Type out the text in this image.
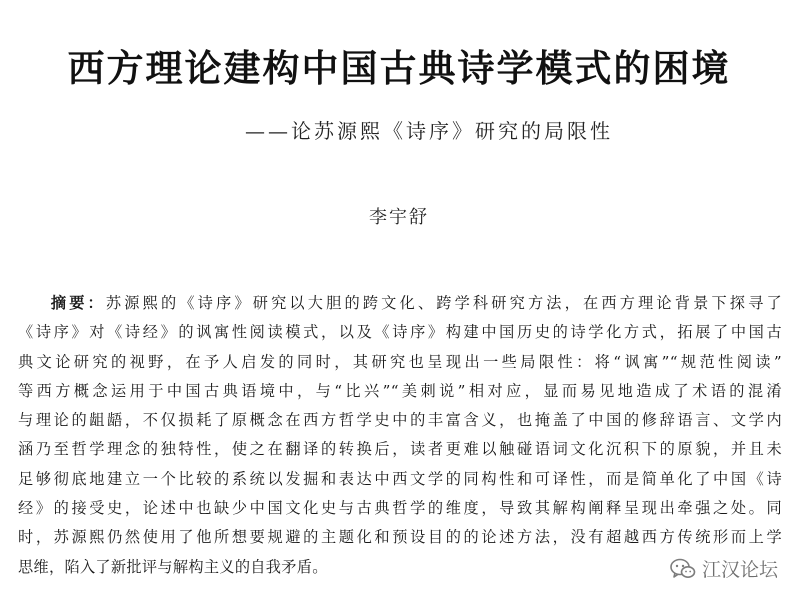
西方理论建构中国古典诗学模式的困境
——论苏源熙《诗序》研究的局限性
李宇舒
摘要：苏源熙的《诗序》研究以大胆的跨文化、跨学科研究方法，在西方理论背景下探寻了
《诗序》对《诗经》的讽寓性阅读模式，以及《诗序》构建中国历史的诗学化方式，拓展了中国古
典文论研究的视野，在予人启发的同时，其研究也呈现出一些局限性：将“讽寓”“规范性阅读”
等西方概念运用于中国古典语境中，与“比兴”“美刺说”相对应，显而易见地造成了术语的混淆
与理论的龃龉，不仅损耗了原概念在西方哲学史中的丰富含义，也掩盖了中国的修辞语言、文学内
涵乃至哲学理念的独特性，使之在翻译的转换后，读者更难以触碰语词文化沉积下的原貌，并且未
足够彻底地建立一个比较的系统以发掘和表达中西文学的同构性和可译性，而是简单化了中国《诗
经》的接受史，论述中也缺少中国文化史与古典哲学的维度，导致其解构阐释呈现出牵强之处。同
时，苏源熙仍然使用了他所想要规避的主题化和预设目的的论述方法，没有超越西方传统形而上学
思维，陷入了新批评与解构主义的自我矛盾。	江汉论坛
